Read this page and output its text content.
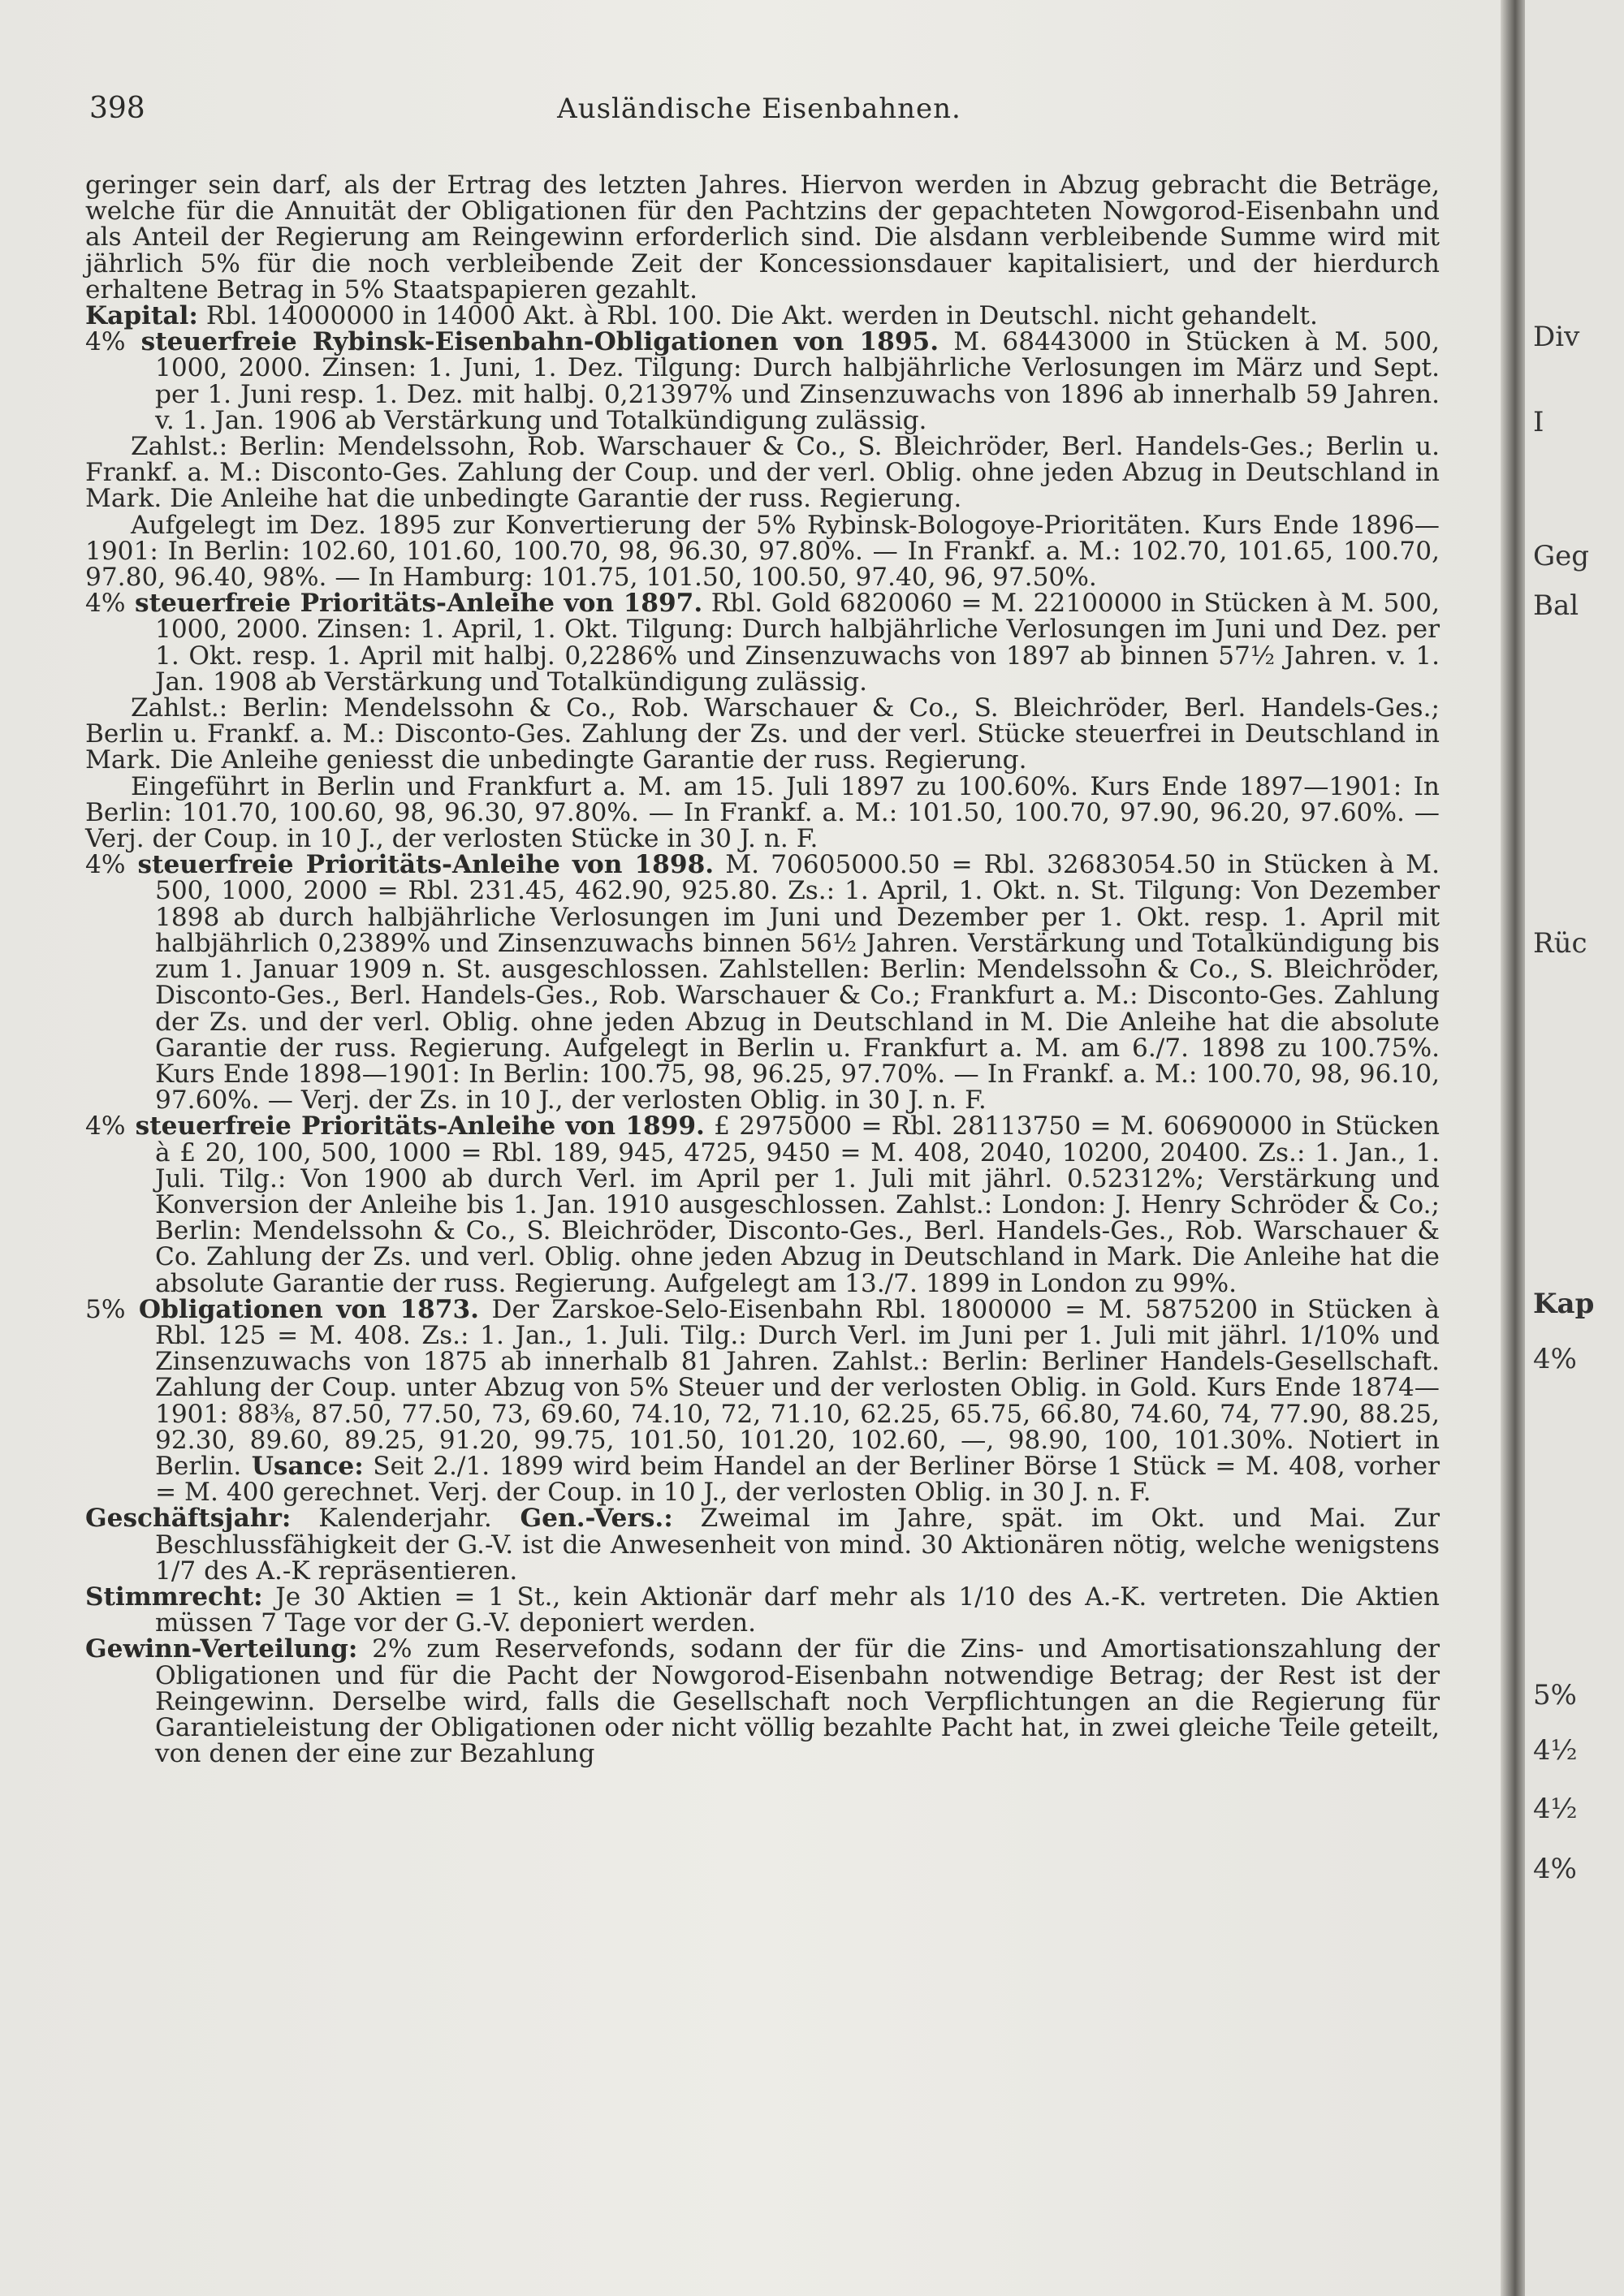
398	Ausländische Eisenbahnen.

geringer sein darf, als der Ertrag des letzten Jahres. Hiervon werden in Abzug gebracht die Beträge, welche für die Annuität der Obligationen für den Pachtzins der gepachteten Nowgorod-Eisenbahn und als Anteil der Regierung am Reingewinn erforderlich sind. Die alsdann verbleibende Summe wird mit jährlich 5% für die noch verbleibende Zeit der Koncessionsdauer kapitalisiert, und der hierdurch erhaltene Betrag in 5% Staatspapieren gezahlt.

Kapital: Rbl. 14000000 in 14000 Akt. à Rbl. 100. Die Akt. werden in Deutschl. nicht gehandelt.

4% steuerfreie Rybinsk-Eisenbahn-Obligationen von 1895. M. 68443000 in Stücken à M. 500, 1000, 2000. Zinsen: 1. Juni, 1. Dez. Tilgung: Durch halbjährliche Verlosungen im März und Sept. per 1. Juni resp. 1. Dez. mit halbj. 0,21397% und Zinsenzuwachs von 1896 ab innerhalb 59 Jahren. v. 1. Jan. 1906 ab Verstärkung und Totalkündigung zulässig.

Zahlst.: Berlin: Mendelssohn, Rob. Warschauer & Co., S. Bleichröder, Berl. Handels-Ges.; Berlin u. Frankf. a. M.: Disconto-Ges. Zahlung der Coup. und der verl. Oblig. ohne jeden Abzug in Deutschland in Mark. Die Anleihe hat die unbedingte Garantie der russ. Regierung.

Aufgelegt im Dez. 1895 zur Konvertierung der 5% Rybinsk-Bologoye-Prioritäten. Kurs Ende 1896—1901: In Berlin: 102.60, 101.60, 100.70, 98, 96.30, 97.80%. — In Frankf. a. M.: 102.70, 101.65, 100.70, 97.80, 96.40, 98%. — In Hamburg: 101.75, 101.50, 100.50, 97.40, 96, 97.50%.

4% steuerfreie Prioritäts-Anleihe von 1897. Rbl. Gold 6820060 = M. 22100000 in Stücken à M. 500, 1000, 2000. Zinsen: 1. April, 1. Okt. Tilgung: Durch halbjährliche Verlosungen im Juni und Dez. per 1. Okt. resp. 1. April mit halbj. 0,2286% und Zinsenzuwachs von 1897 ab binnen 57½ Jahren. v. 1. Jan. 1908 ab Verstärkung und Totalkündigung zulässig.

Zahlst.: Berlin: Mendelssohn & Co., Rob. Warschauer & Co., S. Bleichröder, Berl. Handels-Ges.; Berlin u. Frankf. a. M.: Disconto-Ges. Zahlung der Zs. und der verl. Stücke steuerfrei in Deutschland in Mark. Die Anleihe geniesst die unbedingte Garantie der russ. Regierung.

Eingeführt in Berlin und Frankfurt a. M. am 15. Juli 1897 zu 100.60%. Kurs Ende 1897—1901: In Berlin: 101.70, 100.60, 98, 96.30, 97.80%. — In Frankf. a. M.: 101.50, 100.70, 97.90, 96.20, 97.60%. — Verj. der Coup. in 10 J., der verlosten Stücke in 30 J. n. F.

4% steuerfreie Prioritäts-Anleihe von 1898. M. 70605000.50 = Rbl. 32683054.50 in Stücken à M. 500, 1000, 2000 = Rbl. 231.45, 462.90, 925.80. Zs.: 1. April, 1. Okt. n. St. Tilgung: Von Dezember 1898 ab durch halbjährliche Verlosungen im Juni und Dezember per 1. Okt. resp. 1. April mit halbjährlich 0,2389% und Zinsenzuwachs binnen 56½ Jahren. Verstärkung und Totalkündigung bis zum 1. Januar 1909 n. St. ausgeschlossen. Zahlstellen: Berlin: Mendelssohn & Co., S. Bleichröder, Disconto-Ges., Berl. Handels-Ges., Rob. Warschauer & Co.; Frankfurt a. M.: Disconto-Ges. Zahlung der Zs. und der verl. Oblig. ohne jeden Abzug in Deutschland in M. Die Anleihe hat die absolute Garantie der russ. Regierung. Aufgelegt in Berlin u. Frankfurt a. M. am 6./7. 1898 zu 100.75%. Kurs Ende 1898—1901: In Berlin: 100.75, 98, 96.25, 97.70%. — In Frankf. a. M.: 100.70, 98, 96.10, 97.60%. — Verj. der Zs. in 10 J., der verlosten Oblig. in 30 J. n. F.

4% steuerfreie Prioritäts-Anleihe von 1899. £ 2975000 = Rbl. 28113750 = M. 60690000 in Stücken à £ 20, 100, 500, 1000 = Rbl. 189, 945, 4725, 9450 = M. 408, 2040, 10200, 20400. Zs.: 1. Jan., 1. Juli. Tilg.: Von 1900 ab durch Verl. im April per 1. Juli mit jährl. 0.52312%; Verstärkung und Konversion der Anleihe bis 1. Jan. 1910 ausgeschlossen. Zahlst.: London: J. Henry Schröder & Co.; Berlin: Mendelssohn & Co., S. Bleichröder, Disconto-Ges., Berl. Handels-Ges., Rob. Warschauer & Co. Zahlung der Zs. und verl. Oblig. ohne jeden Abzug in Deutschland in Mark. Die Anleihe hat die absolute Garantie der russ. Regierung. Aufgelegt am 13./7. 1899 in London zu 99%.

5% Obligationen von 1873. Der Zarskoe-Selo-Eisenbahn Rbl. 1800000 = M. 5875200 in Stücken à Rbl. 125 = M. 408. Zs.: 1. Jan., 1. Juli. Tilg.: Durch Verl. im Juni per 1. Juli mit jährl. 1/10% und Zinsenzuwachs von 1875 ab innerhalb 81 Jahren. Zahlst.: Berlin: Berliner Handels-Gesellschaft. Zahlung der Coup. unter Abzug von 5% Steuer und der verlosten Oblig. in Gold. Kurs Ende 1874—1901: 88⅜, 87.50, 77.50, 73, 69.60, 74.10, 72, 71.10, 62.25, 65.75, 66.80, 74.60, 74, 77.90, 88.25, 92.30, 89.60, 89.25, 91.20, 99.75, 101.50, 101.20, 102.60, —, 98.90, 100, 101.30%. Notiert in Berlin. Usance: Seit 2./1. 1899 wird beim Handel an der Berliner Börse 1 Stück = M. 408, vorher = M. 400 gerechnet. Verj. der Coup. in 10 J., der verlosten Oblig. in 30 J. n. F.

Geschäftsjahr: Kalenderjahr. Gen.-Vers.: Zweimal im Jahre, spät. im Okt. und Mai. Zur Beschlussfähigkeit der G.-V. ist die Anwesenheit von mind. 30 Aktionären nötig, welche wenigstens 1/7 des A.-K repräsentieren.

Stimmrecht: Je 30 Aktien = 1 St., kein Aktionär darf mehr als 1/10 des A.-K. vertreten. Die Aktien müssen 7 Tage vor der G.-V. deponiert werden.

Gewinn-Verteilung: 2% zum Reservefonds, sodann der für die Zins- und Amortisationszahlung der Obligationen und für die Pacht der Nowgorod-Eisenbahn notwendige Betrag; der Rest ist der Reingewinn. Derselbe wird, falls die Gesellschaft noch Verpflichtungen an die Regierung für Garantieleistung der Obligationen oder nicht völlig bezahlte Pacht hat, in zwei gleiche Teile geteilt, von denen der eine zur Bezahlung

Div
I
Geg
Bal
Rüc
Kap
4%
5%
4½
4½
4%
